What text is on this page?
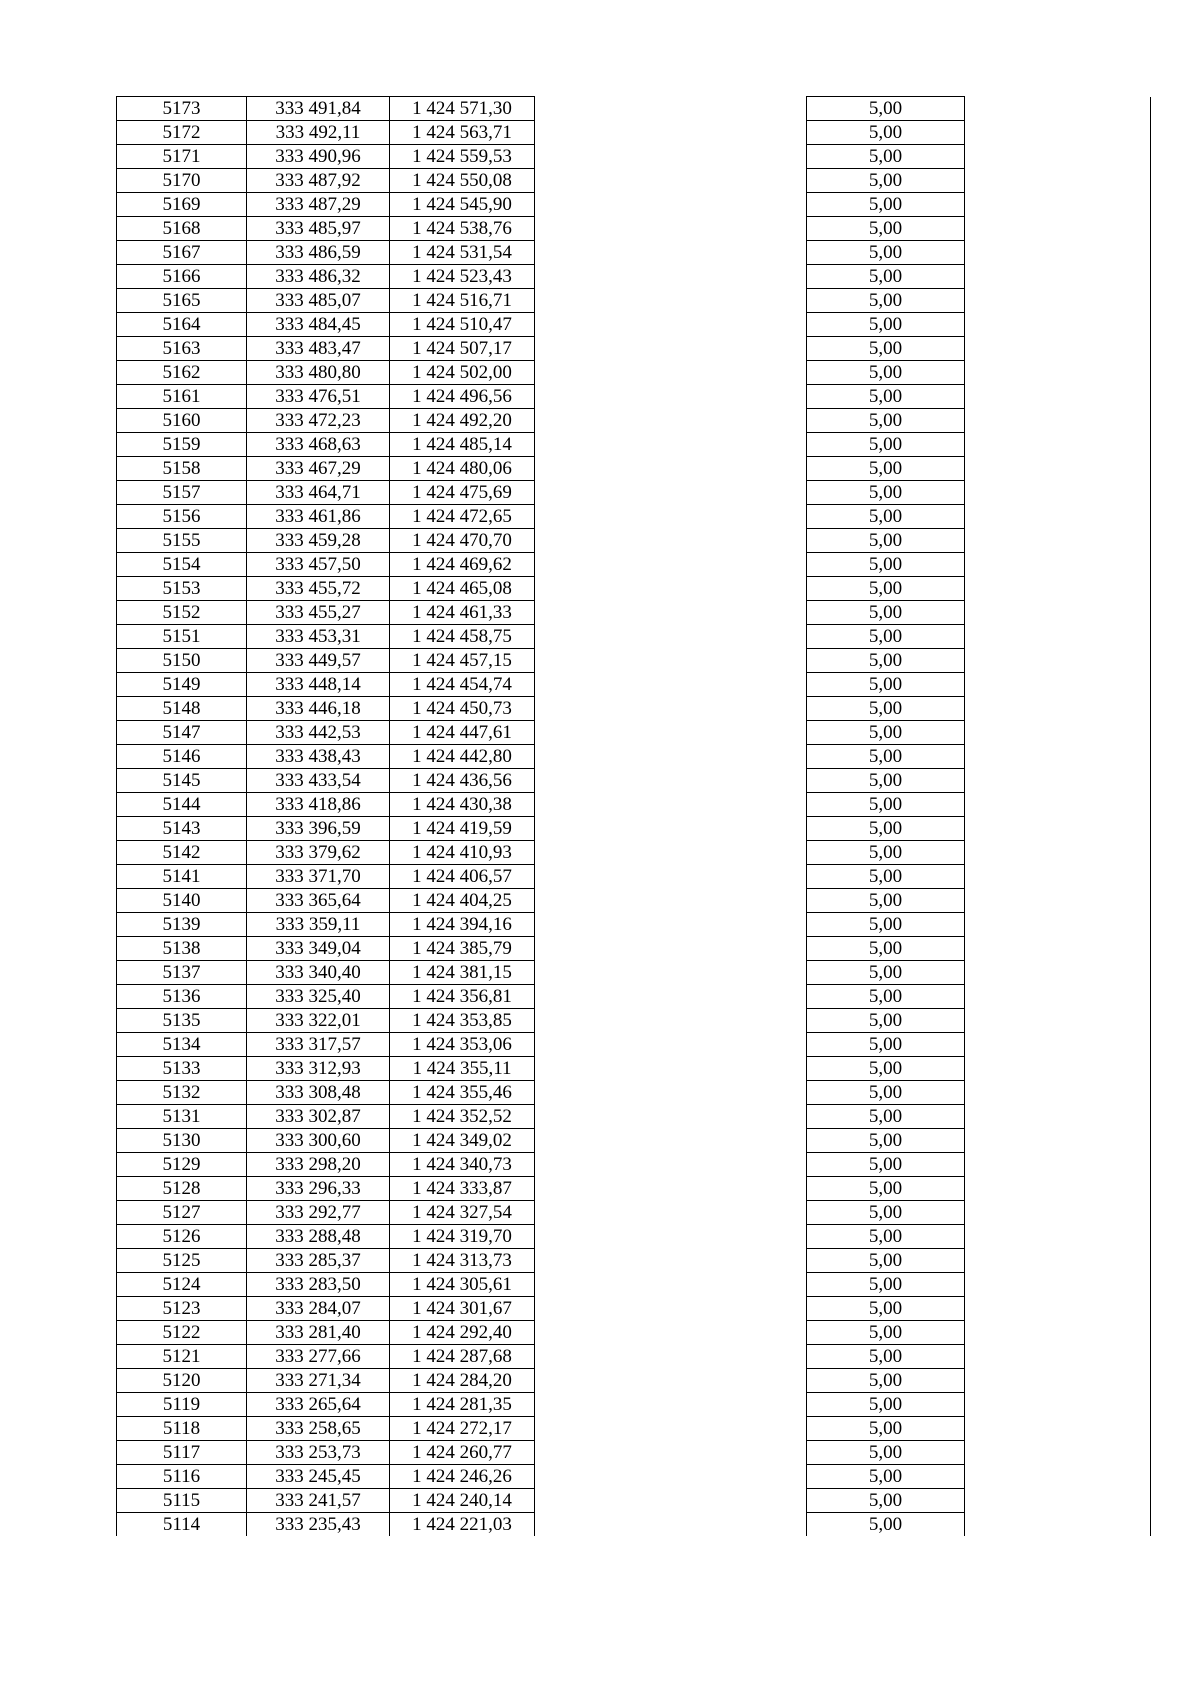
5173	333 491,84	1 424 571,30		5,00	
5172	333 492,11	1 424 563,71		5,00	
5171	333 490,96	1 424 559,53		5,00	
5170	333 487,92	1 424 550,08		5,00	
5169	333 487,29	1 424 545,90		5,00	
5168	333 485,97	1 424 538,76		5,00	
5167	333 486,59	1 424 531,54		5,00	
5166	333 486,32	1 424 523,43		5,00	
5165	333 485,07	1 424 516,71		5,00	
5164	333 484,45	1 424 510,47		5,00	
5163	333 483,47	1 424 507,17		5,00	
5162	333 480,80	1 424 502,00		5,00	
5161	333 476,51	1 424 496,56		5,00	
5160	333 472,23	1 424 492,20		5,00	
5159	333 468,63	1 424 485,14		5,00	
5158	333 467,29	1 424 480,06		5,00	
5157	333 464,71	1 424 475,69		5,00	
5156	333 461,86	1 424 472,65		5,00	
5155	333 459,28	1 424 470,70		5,00	
5154	333 457,50	1 424 469,62		5,00	
5153	333 455,72	1 424 465,08		5,00	
5152	333 455,27	1 424 461,33		5,00	
5151	333 453,31	1 424 458,75		5,00	
5150	333 449,57	1 424 457,15		5,00	
5149	333 448,14	1 424 454,74		5,00	
5148	333 446,18	1 424 450,73		5,00	
5147	333 442,53	1 424 447,61		5,00	
5146	333 438,43	1 424 442,80		5,00	
5145	333 433,54	1 424 436,56		5,00	
5144	333 418,86	1 424 430,38		5,00	
5143	333 396,59	1 424 419,59		5,00	
5142	333 379,62	1 424 410,93		5,00	
5141	333 371,70	1 424 406,57		5,00	
5140	333 365,64	1 424 404,25		5,00	
5139	333 359,11	1 424 394,16		5,00	
5138	333 349,04	1 424 385,79		5,00	
5137	333 340,40	1 424 381,15		5,00	
5136	333 325,40	1 424 356,81		5,00	
5135	333 322,01	1 424 353,85		5,00	
5134	333 317,57	1 424 353,06		5,00	
5133	333 312,93	1 424 355,11		5,00	
5132	333 308,48	1 424 355,46		5,00	
5131	333 302,87	1 424 352,52		5,00	
5130	333 300,60	1 424 349,02		5,00	
5129	333 298,20	1 424 340,73		5,00	
5128	333 296,33	1 424 333,87		5,00	
5127	333 292,77	1 424 327,54		5,00	
5126	333 288,48	1 424 319,70		5,00	
5125	333 285,37	1 424 313,73		5,00	
5124	333 283,50	1 424 305,61		5,00	
5123	333 284,07	1 424 301,67		5,00	
5122	333 281,40	1 424 292,40		5,00	
5121	333 277,66	1 424 287,68		5,00	
5120	333 271,34	1 424 284,20		5,00	
5119	333 265,64	1 424 281,35		5,00	
5118	333 258,65	1 424 272,17		5,00	
5117	333 253,73	1 424 260,77		5,00	
5116	333 245,45	1 424 246,26		5,00	
5115	333 241,57	1 424 240,14		5,00	
5114	333 235,43	1 424 221,03		5,00	
